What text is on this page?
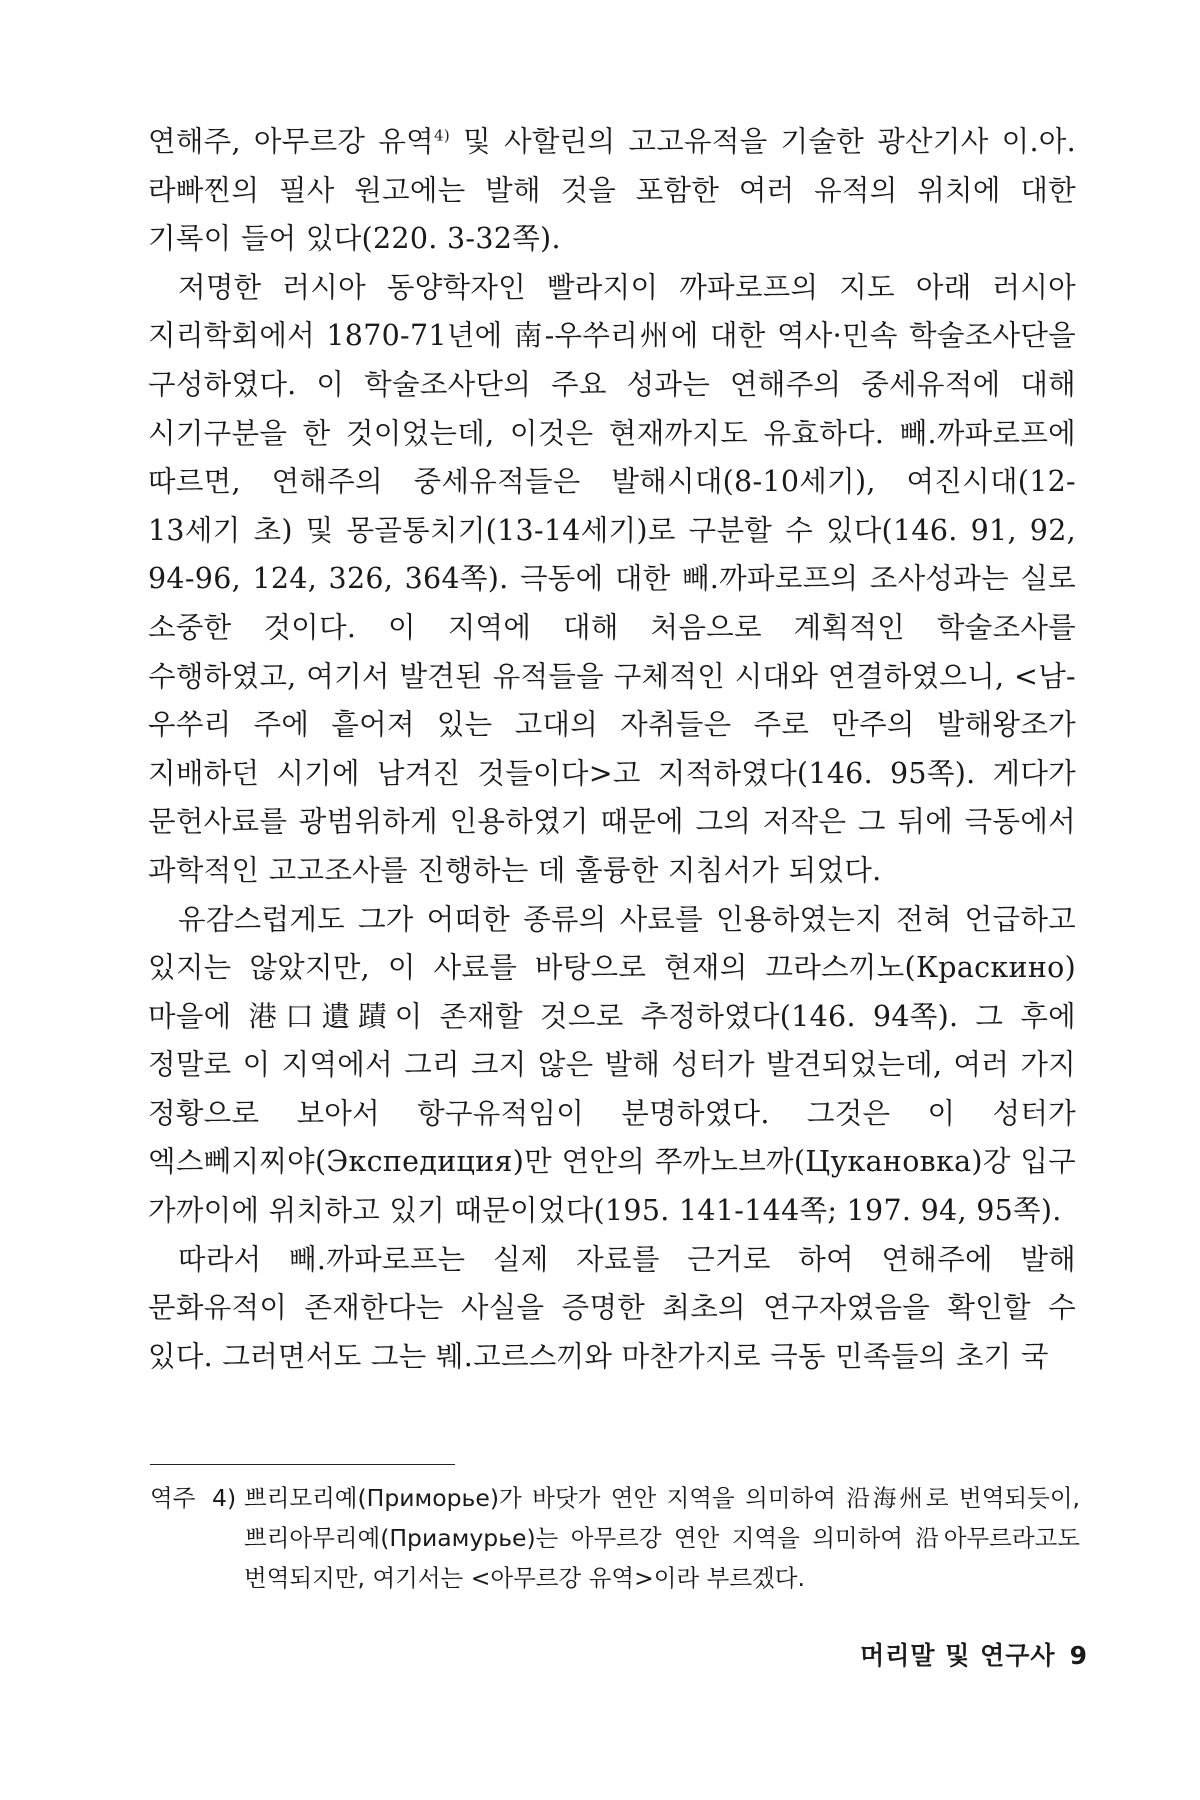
연해주, 아무르강 유역$^{4)}$ 및 사할린의 고고유적을 기술한 광산기사 이.아.라빠찐의 필사 원고에는 발해 것을 포함한 여러 유적의 위치에 대한 기록이 들어 있다(220. 3-32쪽).

저명한 러시아 동양학자인 빨라지이 까파로프의 지도 아래 러시아 지리학회에서 1870-71년에 南-우쑤리州에 대한 역사·민속 학술조사단을 구성하였다. 이 학술조사단의 주요 성과는 연해주의 중세유적에 대해 시기구분을 한 것이었는데, 이것은 현재까지도 유효하다. 빼.까파로프에 따르면, 연해주의 중세유적들은 발해시대(8-10세기), 여진시대(12-13세기 초) 및 몽골통치기(13-14세기)로 구분할 수 있다(146. 91, 92, 94-96, 124, 326, 364쪽). 극동에 대한 빼.까파로프의 조사성과는 실로 소중한 것이다. 이 지역에 대해 처음으로 계획적인 학술조사를 수행하였고, 여기서 발견된 유적들을 구체적인 시대와 연결하였으니, <남-우쑤리 주에 흩어져 있는 고대의 자취들은 주로 만주의 발해왕조가 지배하던 시기에 남겨진 것들이다>고 지적하였다(146. 95쪽). 게다가 문헌사료를 광범위하게 인용하였기 때문에 그의 저작은 그 뒤에 극동에서 과학적인 고고조사를 진행하는 데 훌륭한 지침서가 되었다.

유감스럽게도 그가 어떠한 종류의 사료를 인용하였는지 전혀 언급하고 있지는 않았지만, 이 사료를 바탕으로 현재의 끄라스끼노(Краскино) 마을에 港口遺蹟이 존재할 것으로 추정하였다(146. 94쪽). 그 후에 정말로 이 지역에서 그리 크지 않은 발해 성터가 발견되었는데, 여러 가지 정황으로 보아서 항구유적임이 분명하였다. 그것은 이 성터가 엑스뻬지찌야(Экспедиция)만 연안의 쭈까노브까(Цукановка)강 입구 가까이에 위치하고 있기 때문이었다(195. 141-144쪽; 197. 94, 95쪽).

따라서 빼.까파로프는 실제 자료를 근거로 하여 연해주에 발해 문화유적이 존재한다는 사실을 증명한 최초의 연구자였음을 확인할 수 있다. 그러면서도 그는 붸.고르스끼와 마찬가지로 극동 민족들의 초기 국

역주 4) 쁘리모리예(Приморье)가 바닷가 연안 지역을 의미하여 沿海州로 번역되듯이, 쁘리아무리예(Приамурье)는 아무르강 연안 지역을 의미하여 沿아무르라고도 번역되지만, 여기서는 <아무르강 유역>이라 부르겠다.
머리말 및 연구사 9
